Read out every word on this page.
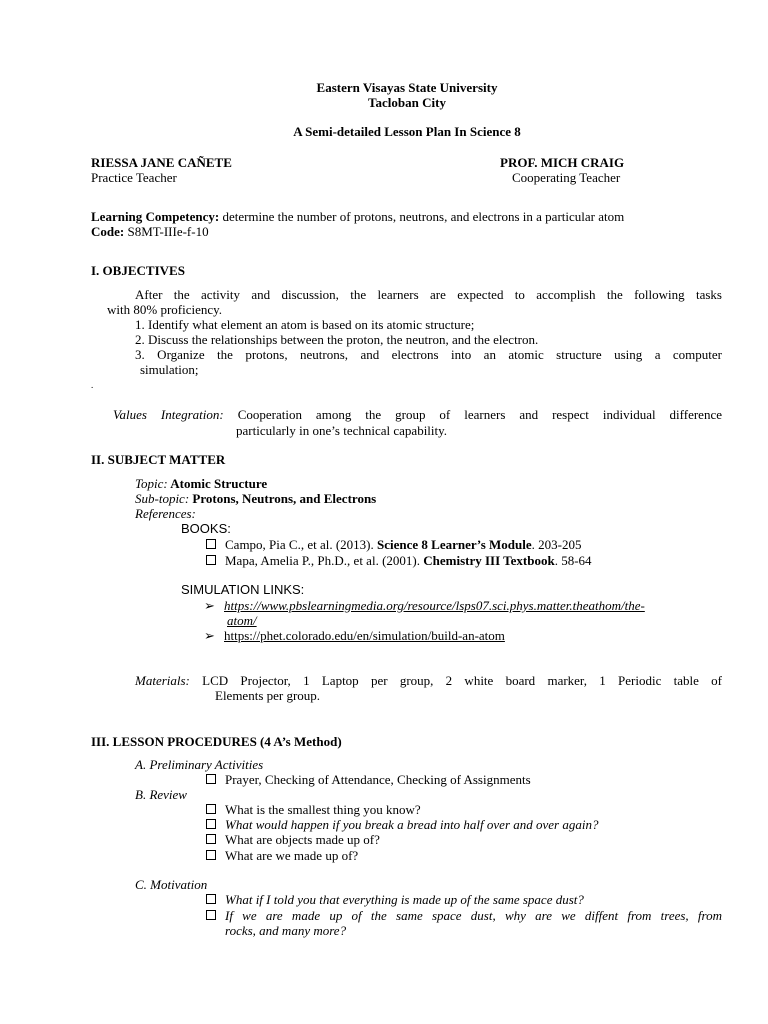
Eastern Visayas State University
Tacloban City
A Semi-detailed Lesson Plan In Science 8
RIESSA JANE CAÑETE
Practice Teacher
PROF. MICH CRAIG
Cooperating Teacher
Learning Competency: determine the number of protons, neutrons, and electrons in a particular atom
Code: S8MT-IIIe-f-10
I. OBJECTIVES
After the activity and discussion, the learners are expected to accomplish the following tasks
with 80% proficiency.
1. Identify what element an atom is based on its atomic structure;
2. Discuss the relationships between the proton, the neutron, and the electron.
3. Organize the protons, neutrons, and electrons into an atomic structure using a computer
simulation;
.
Values Integration: Cooperation among the group of learners and respect individual difference
particularly in one’s technical capability.
II. SUBJECT MATTER
Topic: Atomic Structure
Sub-topic: Protons, Neutrons, and Electrons
References:
BOOKS:
Campo, Pia C., et al. (2013). Science 8 Learner’s Module. 203-205
Mapa, Amelia P., Ph.D., et al. (2001). Chemistry III Textbook. 58-64
SIMULATION LINKS:
➢ https://www.pbslearningmedia.org/resource/lsps07.sci.phys.matter.theathom/the-
atom/
➢ https://phet.colorado.edu/en/simulation/build-an-atom
Materials: LCD Projector, 1 Laptop per group, 2 white board marker, 1 Periodic table of
Elements per group.
III. LESSON PROCEDURES (4 A’s Method)
A. Preliminary Activities
Prayer, Checking of Attendance, Checking of Assignments
B. Review
What is the smallest thing you know?
What would happen if you break a bread into half over and over again?
What are objects made up of?
What are we made up of?
C. Motivation
What if I told you that everything is made up of the same space dust?
If we are made up of the same space dust, why are we diffent from trees, from
rocks, and many more?
